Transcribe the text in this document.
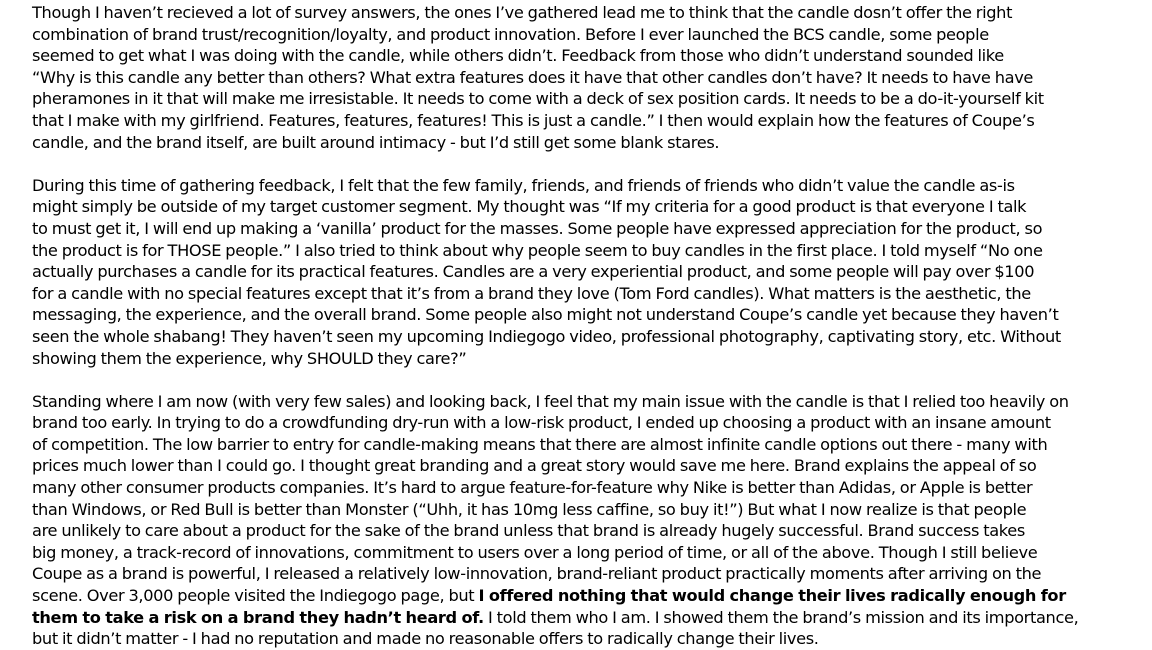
Though I haven’t recieved a lot of survey answers, the ones I’ve gathered lead me to think that the candle dosn’t offer the right
combination of brand trust/recognition/loyalty, and product innovation. Before I ever launched the BCS candle, some people
seemed to get what I was doing with the candle, while others didn’t. Feedback from those who didn’t understand sounded like
“Why is this candle any better than others? What extra features does it have that other candles don’t have? It needs to have have
pheramones in it that will make me irresistable. It needs to come with a deck of sex position cards. It needs to be a do-it-yourself kit
that I make with my girlfriend. Features, features, features! This is just a candle.” I then would explain how the features of Coupe’s
candle, and the brand itself, are built around intimacy - but I’d still get some blank stares.

During this time of gathering feedback, I felt that the few family, friends, and friends of friends who didn’t value the candle as-is
might simply be outside of my target customer segment. My thought was “If my criteria for a good product is that everyone I talk
to must get it, I will end up making a ‘vanilla’ product for the masses. Some people have expressed appreciation for the product, so
the product is for THOSE people.” I also tried to think about why people seem to buy candles in the first place. I told myself “No one
actually purchases a candle for its practical features. Candles are a very experiential product, and some people will pay over $100
for a candle with no special features except that it’s from a brand they love (Tom Ford candles). What matters is the aesthetic, the
messaging, the experience, and the overall brand. Some people also might not understand Coupe’s candle yet because they haven’t
seen the whole shabang! They haven’t seen my upcoming Indiegogo video, professional photography, captivating story, etc. Without
showing them the experience, why SHOULD they care?”

Standing where I am now (with very few sales) and looking back, I feel that my main issue with the candle is that I relied too heavily on
brand too early. In trying to do a crowdfunding dry-run with a low-risk product, I ended up choosing a product with an insane amount
of competition. The low barrier to entry for candle-making means that there are almost infinite candle options out there - many with
prices much lower than I could go. I thought great branding and a great story would save me here. Brand explains the appeal of so
many other consumer products companies. It’s hard to argue feature-for-feature why Nike is better than Adidas, or Apple is better
than Windows, or Red Bull is better than Monster (“Uhh, it has 10mg less caffine, so buy it!”) But what I now realize is that people
are unlikely to care about a product for the sake of the brand unless that brand is already hugely successful. Brand success takes
big money, a track-record of innovations, commitment to users over a long period of time, or all of the above. Though I still believe
Coupe as a brand is powerful, I released a relatively low-innovation, brand-reliant product practically moments after arriving on the
scene. Over 3,000 people visited the Indiegogo page, but I offered nothing that would change their lives radically enough for
them to take a risk on a brand they hadn’t heard of. I told them who I am. I showed them the brand’s mission and its importance,
but it didn’t matter - I had no reputation and made no reasonable offers to radically change their lives.
